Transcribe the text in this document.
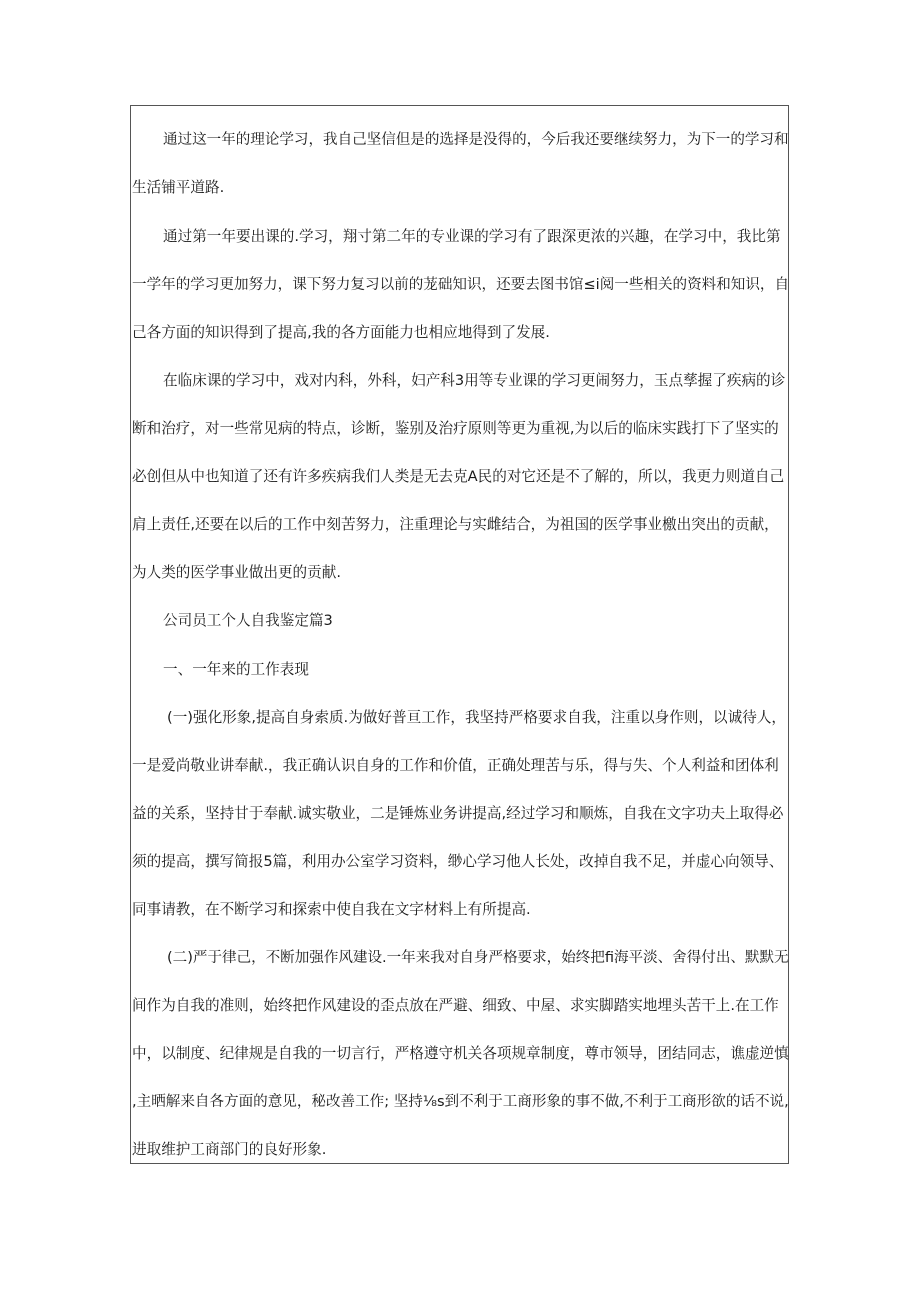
通过这一年的理论学习，我自己坚信但是的选择是没得的，今后我还要继续努力，为下一的学习和
生活铺平道路.
通过第一年要出课的.学习，翔寸第二年的专业课的学习有了跟深更浓的兴趣，在学习中，我比第
一学年的学习更加努力，课下努力复习以前的茏础知识，还要去图书馆≤i阅一些相关的资料和知识，自
己各方面的知识得到了提高,我的各方面能力也相应地得到了发展.
在临床课的学习中，戏对内科，外科，妇产科3用等专业课的学习更闹努力，玉点孳握了疾病的诊
断和治疗，对一些常见病的特点，诊断，鉴别及治疗原则等更为重视,为以后的临床实践打下了坚实的
必创但从中也知道了还有许多疾病我们人类是无去克A民的对它还是不了解的，所以，我更力则道自己
肩上责任,还要在以后的工作中刻苦努力，注重理论与实雌结合，为祖国的医学事业檄出突出的贡献，
为人类的医学事业做出更的贡献.
公司员工个人自我鉴定篇3
一、一年来的工作表现
(一)强化形象,提高自身索质.为做好普亘工作，我坚持严格要求自我，注重以身作则，以诚待人，
一是爱尚敬业讲奉献.，我正确认识自身的工作和价值，正确处理苦与乐，得与失、个人利益和团体利
益的关系，坚持甘于奉献.诚实敬业，二是锤炼业务讲提高,经过学习和顺炼，自我在文字功夫上取得必
须的提高，撰写简报5篇，利用办公室学习资料，缈心学习他人长处，改掉自我不足，并虚心向领导、
同事请教，在不断学习和探索中使自我在文字材料上有所提高.
(二)严于律己，不断加强作风建设.一年来我对自身严格要求，始终把fi海平淡、舍得付出、默默无
间作为自我的准则，始终把作风建设的歪点放在严避、细致、中屋、求实脚踏实地埋头苦干上.在工作
中，以制度、纪律规是自我的一切言行，严格遵守机关各项规章制度，尊市领导，团结同志，谯虚逆慎
,主晒解来自各方面的意见，秘改善工作; 坚持⅛s到不利于工商形象的事不做,不利于工商形欲的话不说,
进取维护工商部门的良好形象.
